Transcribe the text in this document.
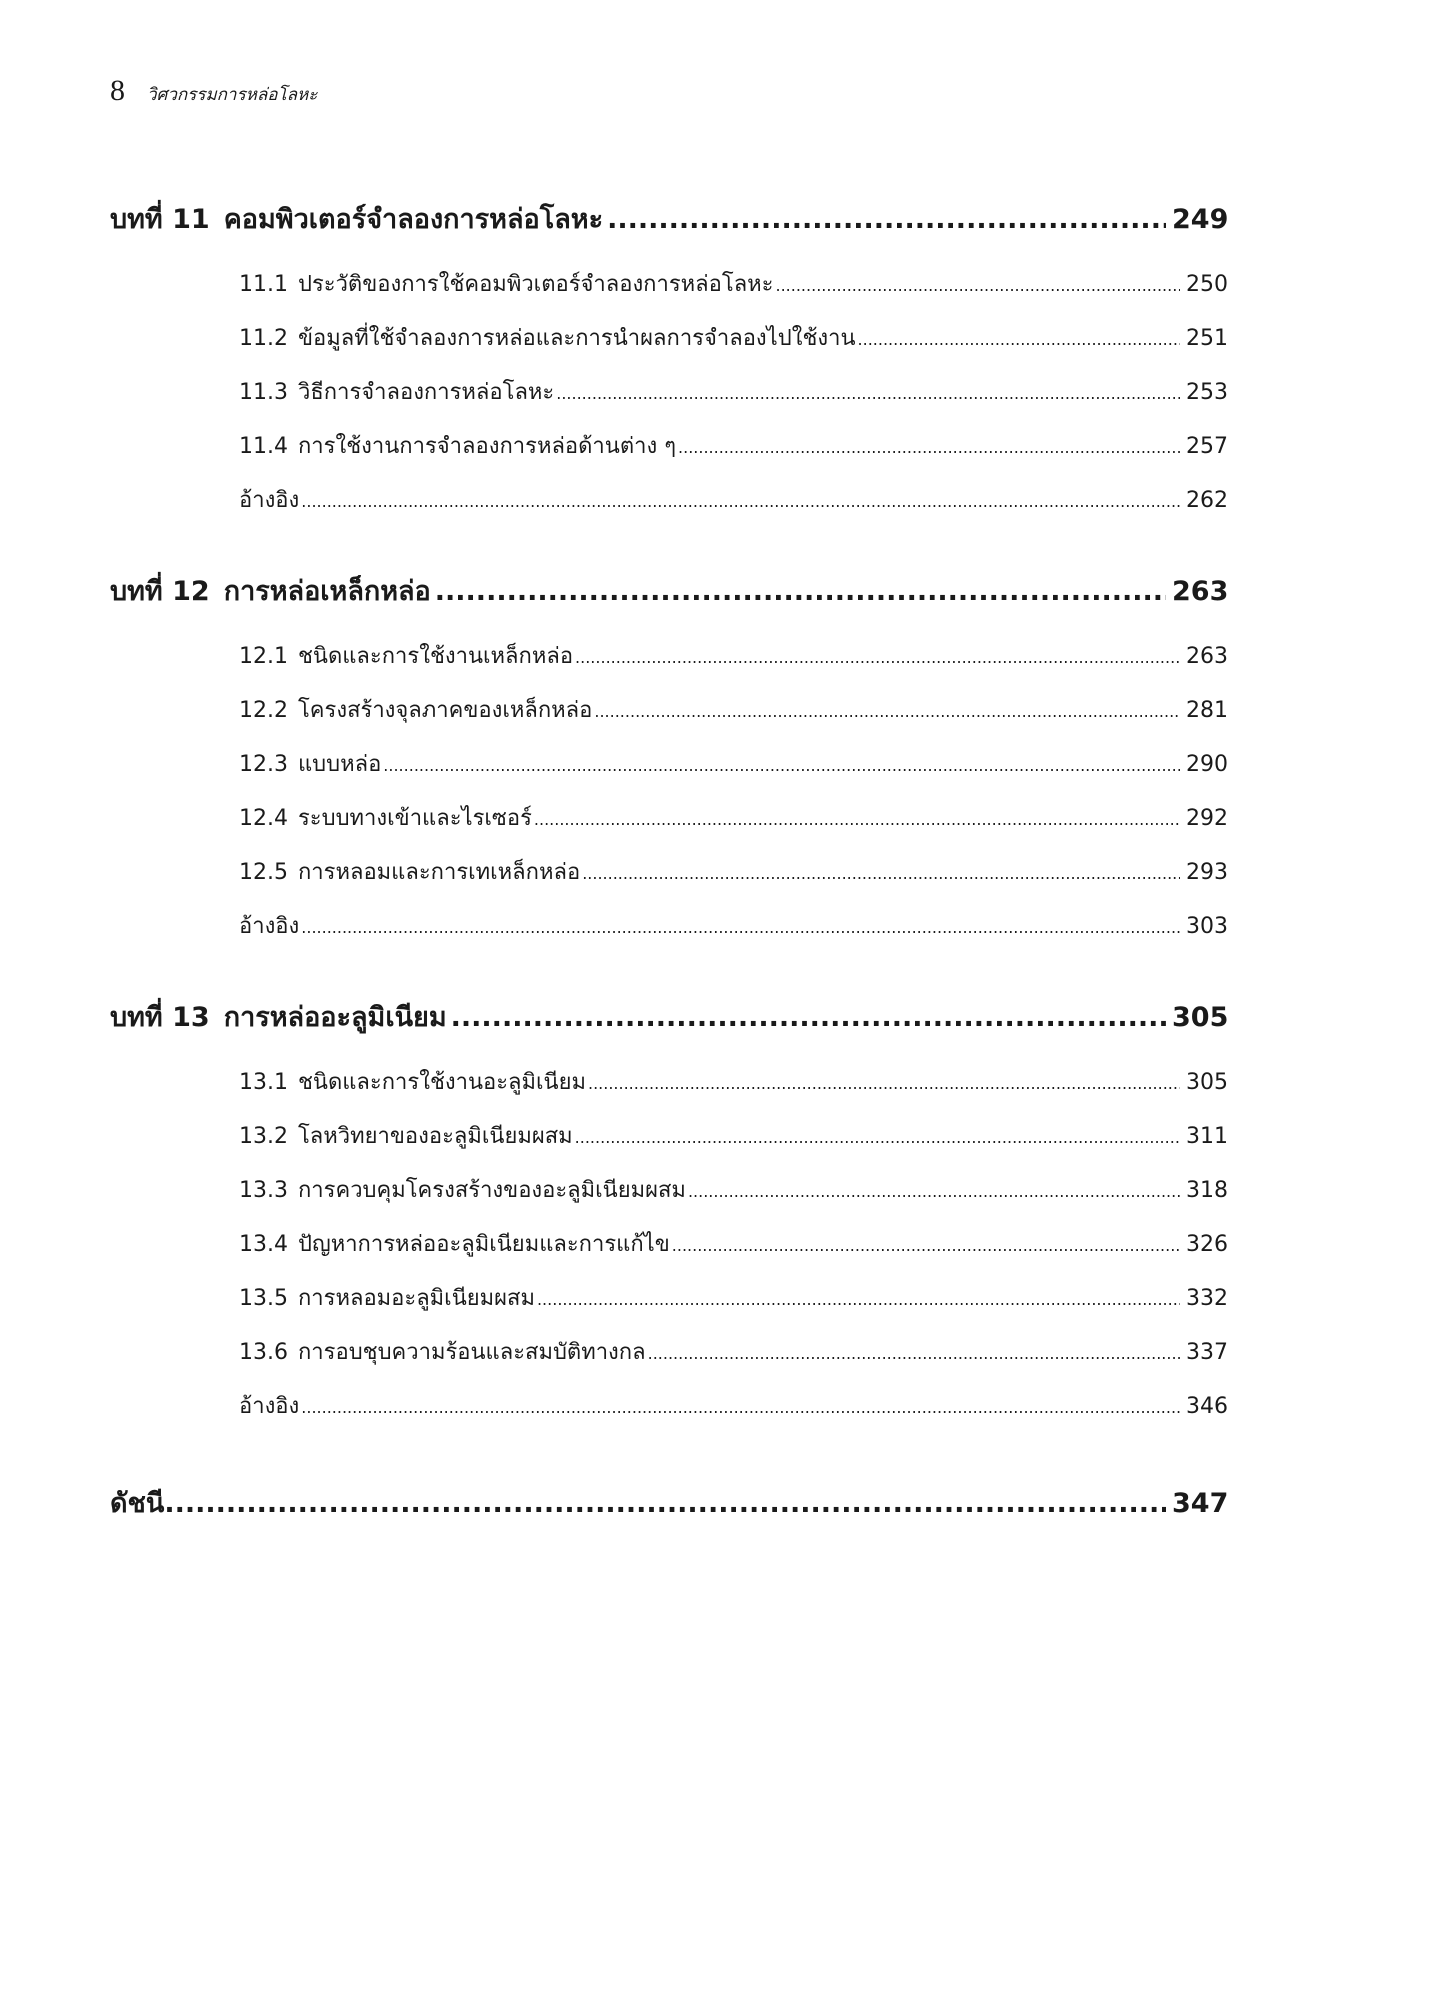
8 วิศวกรรมการหล่อโลหะ
บทที่ 11 คอมพิวเตอร์จำลองการหล่อโลหะ .....	249
11.1 ประวัติของการใช้คอมพิวเตอร์จำลองการหล่อโลหะ .....	250
11.2 ข้อมูลที่ใช้จำลองการหล่อและการนำผลการจำลองไปใช้งาน .....	251
11.3 วิธีการจำลองการหล่อโลหะ .....	253
11.4 การใช้งานการจำลองการหล่อด้านต่าง ๆ .....	257
อ้างอิง .....	262
บทที่ 12 การหล่อเหล็กหล่อ .....	263
12.1 ชนิดและการใช้งานเหล็กหล่อ .....	263
12.2 โครงสร้างจุลภาคของเหล็กหล่อ .....	281
12.3 แบบหล่อ .....	290
12.4 ระบบทางเข้าและไรเซอร์ .....	292
12.5 การหลอมและการเทเหล็กหล่อ .....	293
อ้างอิง .....	303
บทที่ 13 การหล่ออะลูมิเนียม .....	305
13.1 ชนิดและการใช้งานอะลูมิเนียม .....	305
13.2 โลหวิทยาของอะลูมิเนียมผสม .....	311
13.3 การควบคุมโครงสร้างของอะลูมิเนียมผสม .....	318
13.4 ปัญหาการหล่ออะลูมิเนียมและการแก้ไข .....	326
13.5 การหลอมอะลูมิเนียมผสม .....	332
13.6 การอบชุบความร้อนและสมบัติทางกล .....	337
อ้างอิง .....	346
ดัชนี .....	347
